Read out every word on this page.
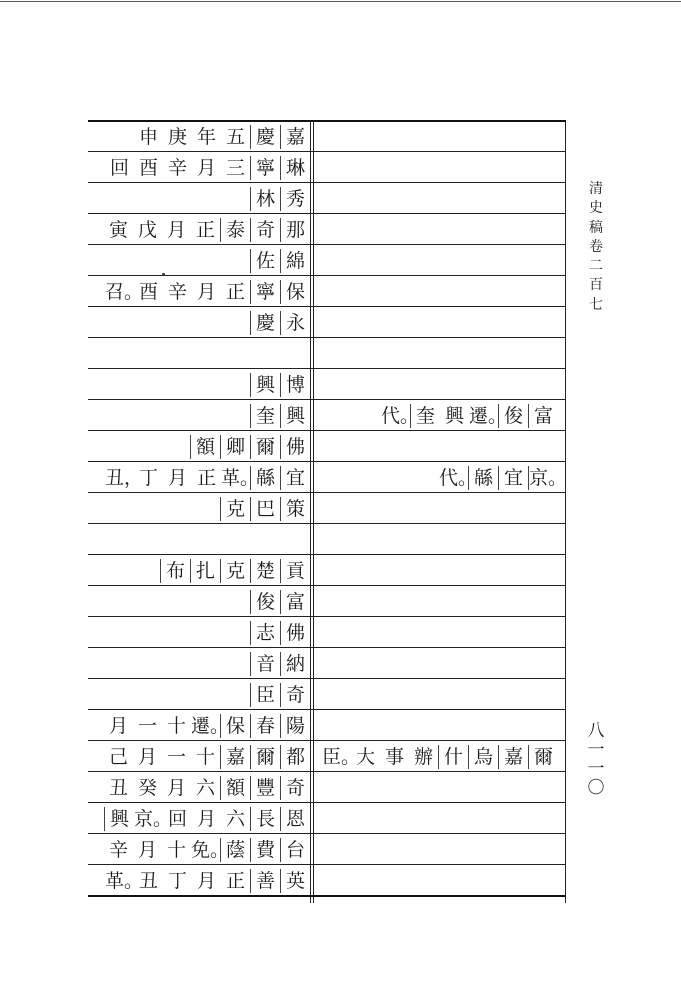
申 庚 年 五 慶 嘉
回 酉 辛 月 三 寧 琳
林 秀
寅 戊 月 正 泰 奇 那
佐 綿
召。
酉 辛 月 正 寧 保
慶 永
興 博
奎 興	代。
奎 興 遷。
俊 富
額 卿 爾 佛
丑，
丁 月 正 革。
緜 宜	代。
緜 宜 京。
克 巴 策
布 扎 克 楚 貢
俊 富
志 佛
音 納
臣 奇
月 一 十 遷。
保 春 陽
己 月 一 十 嘉 爾 都 臣。
大 事 辦 什 烏 嘉 爾
丑 癸 月 六 額 豐 奇
興 京。
回 月 六 長 恩
辛 月 十 免。
蔭 費 台
革。
丑 丁 月 正 善 英
清史稿卷二百七
八一一〇
